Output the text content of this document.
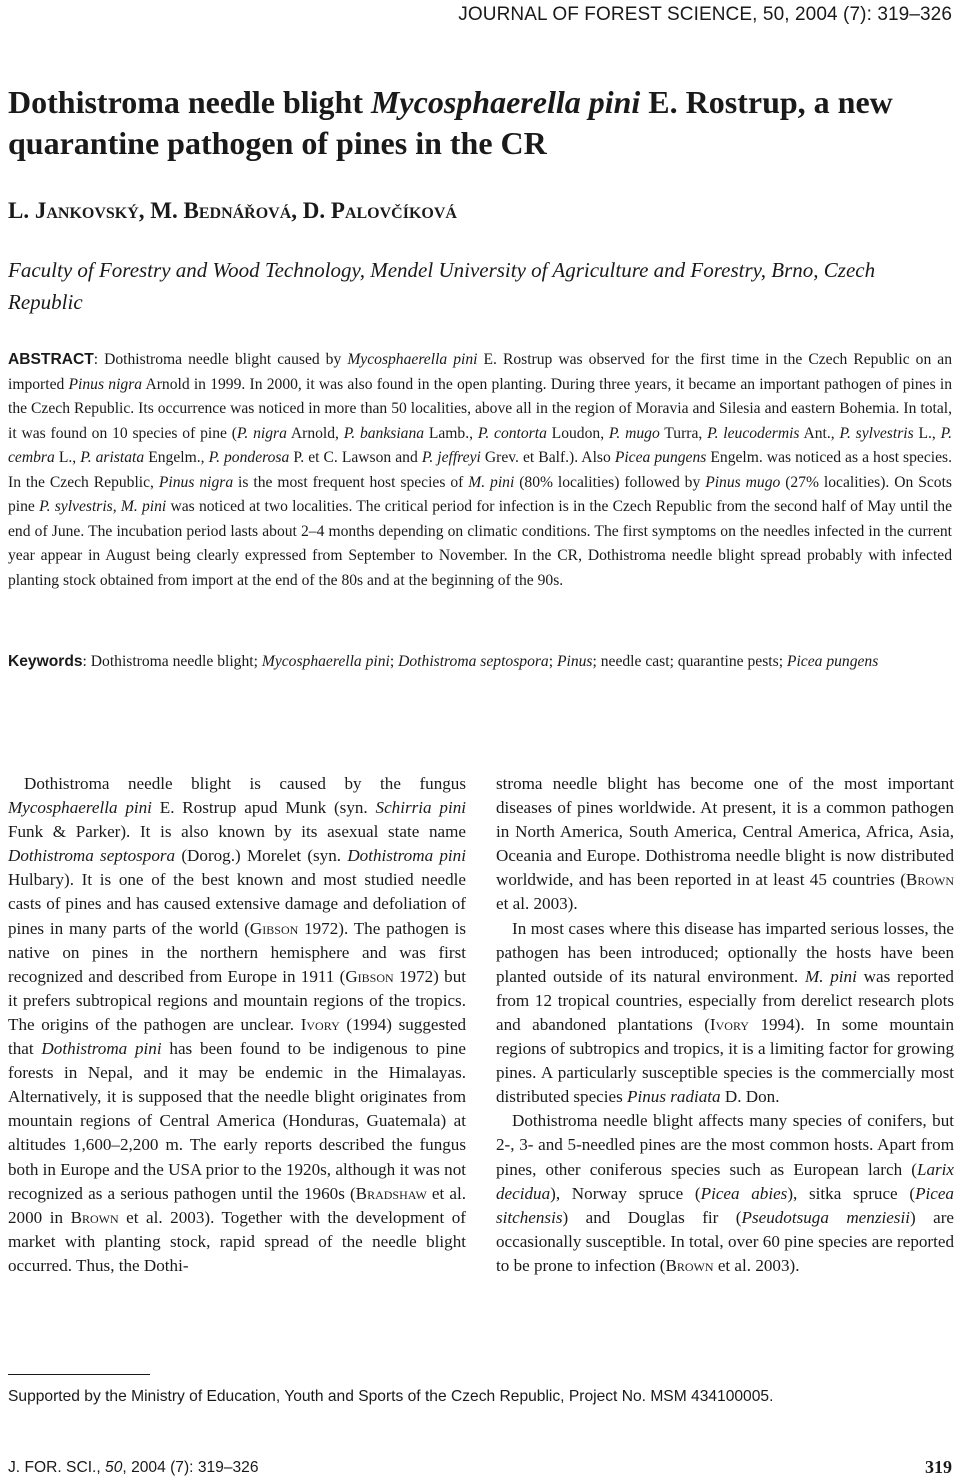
JOURNAL OF FOREST SCIENCE, 50, 2004 (7): 319–326
Dothistroma needle blight Mycosphaerella pini E. Rostrup, a new quarantine pathogen of pines in the CR

L. Jankovský, M. Bednářová, D. Palovčíková

Faculty of Forestry and Wood Technology, Mendel University of Agriculture and Forestry, Brno, Czech Republic

ABSTRACT: Dothistroma needle blight caused by Mycosphaerella pini E. Rostrup was observed for the first time in the Czech Republic on an imported Pinus nigra Arnold in 1999. In 2000, it was also found in the open planting. During three years, it became an important pathogen of pines in the Czech Republic. Its occurrence was noticed in more than 50 localities, above all in the region of Moravia and Silesia and eastern Bohemia. In total, it was found on 10 species of pine (P. nigra Arnold, P. banksiana Lamb., P. contorta Loudon, P. mugo Turra, P. leucodermis Ant., P. sylvestris L., P. cembra L., P. aristata Engelm., P. ponderosa P. et C. Lawson and P. jeffreyi Grev. et Balf.). Also Picea pungens Engelm. was noticed as a host species. In the Czech Republic, Pinus nigra is the most frequent host species of M. pini (80% localities) followed by Pinus mugo (27% localities). On Scots pine P. sylvestris, M. pini was noticed at two localities. The critical period for infection is in the Czech Republic from the second half of May until the end of June. The incubation period lasts about 2–4 months depending on climatic conditions. The first symptoms on the needles infected in the current year appear in August being clearly expressed from September to November. In the CR, Dothistroma needle blight spread probably with infected planting stock obtained from import at the end of the 80s and at the beginning of the 90s.

Keywords: Dothistroma needle blight; Mycosphaerella pini; Dothistroma septospora; Pinus; needle cast; quarantine pests; Picea pungens

Dothistroma needle blight is caused by the fungus Mycosphaerella pini E. Rostrup apud Munk (syn. Schirria pini Funk & Parker). It is also known by its asexual state name Dothistroma septospora (Dorog.) Morelet (syn. Dothistroma pini Hulbary). It is one of the best known and most studied needle casts of pines and has caused extensive damage and defoliation of pines in many parts of the world (Gibson 1972). The pathogen is native on pines in the northern hemisphere and was first recognized and described from Europe in 1911 (Gibson 1972) but it prefers subtropical regions and mountain regions of the tropics. The origins of the pathogen are unclear. Ivory (1994) suggested that Dothistroma pini has been found to be indigenous to pine forests in Nepal, and it may be endemic in the Himalayas. Alternatively, it is supposed that the needle blight originates from mountain regions of Central America (Honduras, Guatemala) at altitudes 1,600–2,200 m. The early reports described the fungus both in Europe and the USA prior to the 1920s, although it was not recognized as a serious pathogen until the 1960s (Bradshaw et al. 2000 in Brown et al. 2003). Together with the development of market with planting stock, rapid spread of the needle blight occurred. Thus, the Dothi-

stroma needle blight has become one of the most important diseases of pines worldwide. At present, it is a common pathogen in North America, South America, Central America, Africa, Asia, Oceania and Europe. Dothistroma needle blight is now distributed worldwide, and has been reported in at least 45 countries (Brown et al. 2003).

In most cases where this disease has imparted serious losses, the pathogen has been introduced; optionally the hosts have been planted outside of its natural environment. M. pini was reported from 12 tropical countries, especially from derelict research plots and abandoned plantations (Ivory 1994). In some mountain regions of subtropics and tropics, it is a limiting factor for growing pines. A particularly susceptible species is the commercially most distributed species Pinus radiata D. Don.

Dothistroma needle blight affects many species of conifers, but 2-, 3- and 5-needled pines are the most common hosts. Apart from pines, other coniferous species such as European larch (Larix decidua), Norway spruce (Picea abies), sitka spruce (Picea sitchensis) and Douglas fir (Pseudotsuga menziesii) are occasionally susceptible. In total, over 60 pine species are reported to be prone to infection (Brown et al. 2003).

Supported by the Ministry of Education, Youth and Sports of the Czech Republic, Project No. MSM 434100005.
J. FOR. SCI., 50, 2004 (7): 319–326	319
